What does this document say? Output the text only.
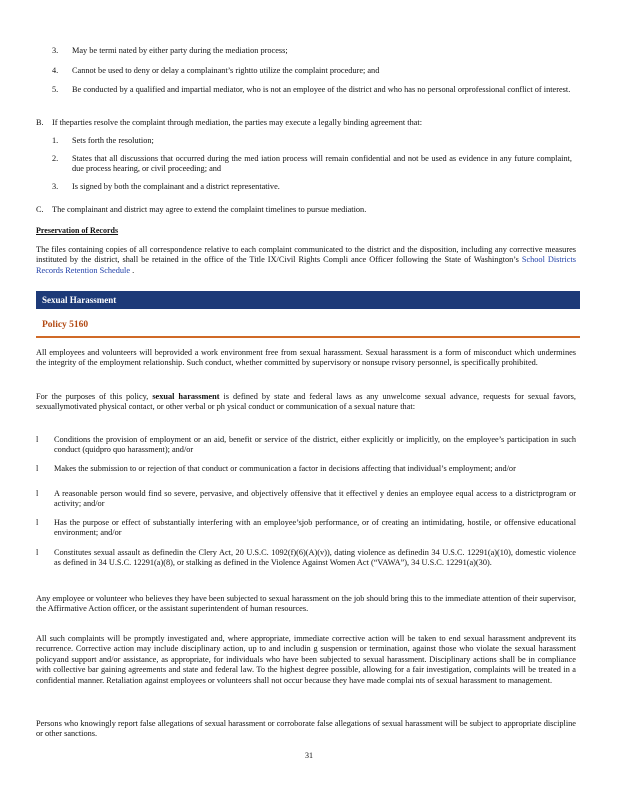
3.	May be termi nated by either party during the mediation process;
4.	Cannot be used to deny or delay a complainant’s rightto utilize the complaint procedure; and
5.	Be conducted by a qualified and impartial mediator, who is not an employee of the district and who has no personal orprofessional conflict of interest.
B.	If theparties resolve the complaint through mediation, the parties may execute a legally binding agreement that:
1.	Sets forth the resolution;
2.	States that all discussions that occurred during the med iation process will remain confidential and not be used as evidence in any future complaint, due process hearing, or civil proceeding; and
3.	Is signed by both the complainant and a district representative.
C.	The complainant and district may agree to extend the complaint timelines to pursue mediation.
Preservation of Records
The files containing copies of all correspondence relative to each complaint communicated to the district and the disposition, including any corrective measures instituted by the district, shall be retained in the office of the Title IX/Civil Rights Compli ance Officer following the State of Washington’s School Districts Records Retention Schedule .
Sexual Harassment
Policy 5160
All employees and volunteers will beprovided a work environment free from sexual harassment. Sexual harassment is a form of misconduct which undermines the integrity of the employment relationship. Such conduct, whether committed by supervisory or nonsupe rvisory personnel, is specifically prohibited.
For the purposes of this policy, sexual harassment is defined by state and federal laws as any unwelcome sexual advance, requests for sexual favors, sexuallymotivated physical contact, or other verbal or ph ysical conduct or communication of a sexual nature that:
l	Conditions the provision of employment or an aid, benefit or service of the district, either explicitly or implicitly, on the employee’s participation in such conduct (quidpro quo harassment); and/or
l	Makes the submission to or rejection of that conduct or communication a factor in decisions affecting that individual’s employment; and/or
l	A reasonable person would find so severe, pervasive, and objectively offensive that it effectivel y denies an employee equal access to a districtprogram or activity; and/or
l	Has the purpose or effect of substantially interfering with an employee’sjob performance, or of creating an intimidating, hostile, or offensive educational environment; and/or
l	Constitutes sexual assault as definedin the Clery Act, 20 U.S.C. 1092(f)(6)(A)(v)), dating violence as definedin 34 U.S.C. 12291(a)(10), domestic violence as defined in 34 U.S.C. 12291(a)(8), or stalking as defined in the Violence Against Women Act (“VAWA”), 34 U.S.C. 12291(a)(30).
Any employee or volunteer who believes they have been subjected to sexual harassment on the job should bring this to the immediate attention of their supervisor, the Affirmative Action officer, or the assistant superintendent of human resources.
All such complaints will be promptly investigated and, where appropriate, immediate corrective action will be taken to end sexual harassment andprevent its recurrence. Corrective action may include disciplinary action, up to and includin g suspension or termination, against those who violate the sexual harassment policyand support and/or assistance, as appropriate, for individuals who have been subjected to sexual harassment. Disciplinary actions shall be in compliance with collective bar gaining agreements and state and federal law. To the highest degree possible, allowing for a fair investigation, complaints will be treated in a confidential manner. Retaliation against employees or volunteers shall not occur because they have made complai nts of sexual harassment to management.
Persons who knowingly report false allegations of sexual harassment or corroborate false allegations of sexual harassment will be subject to appropriate discipline or other sanctions.
31
